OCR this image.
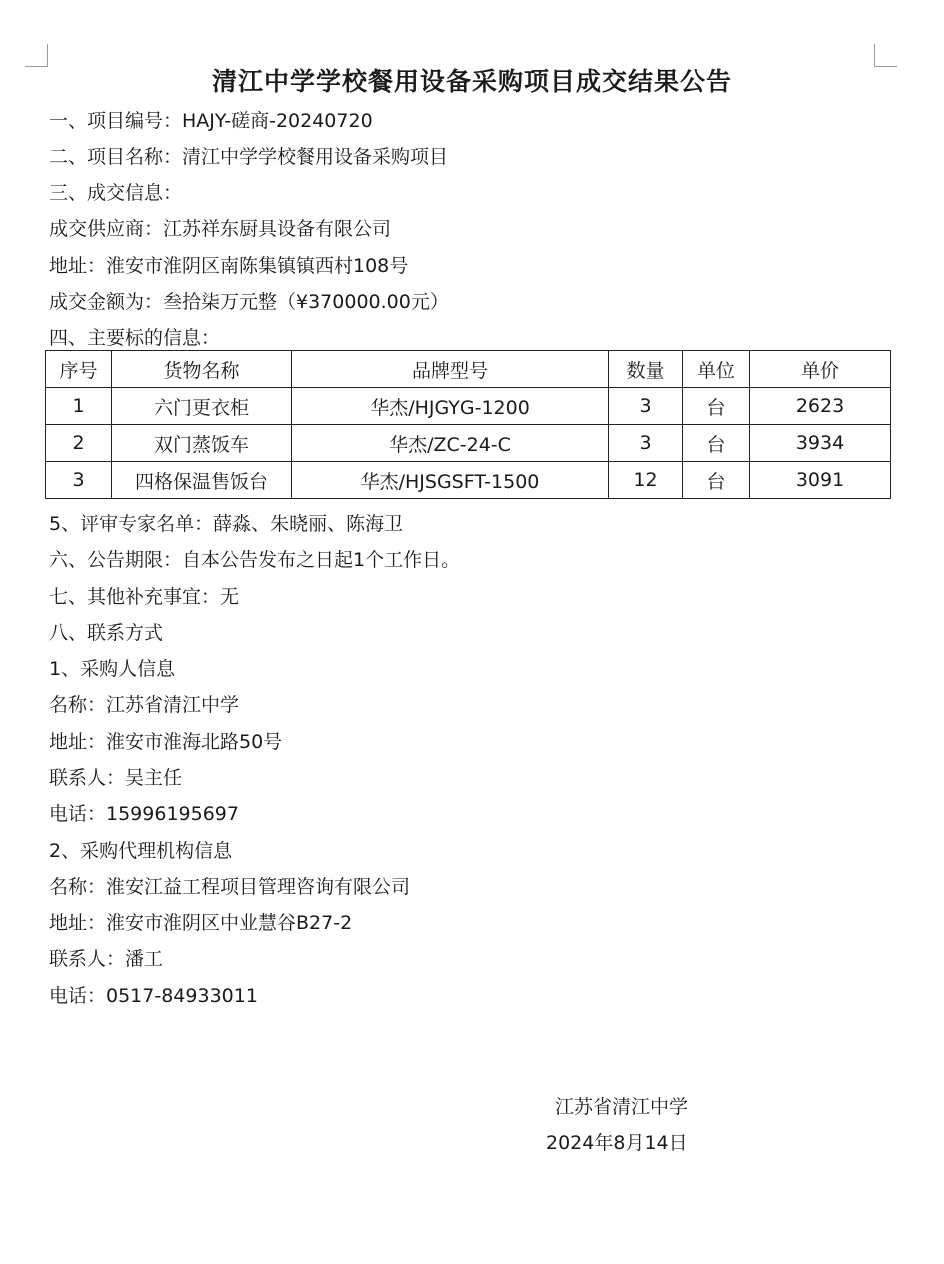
清江中学学校餐用设备采购项目成交结果公告
一、项目编号：HAJY-磋商-20240720
二、项目名称：清江中学学校餐用设备采购项目
三、成交信息：
成交供应商：江苏祥东厨具设备有限公司
地址：淮安市淮阴区南陈集镇镇西村108号
成交金额为：叁拾柒万元整（¥370000.00元）
四、主要标的信息：
序号	货物名称	品牌型号	数量	单位	单价
1	六门更衣柜	华杰/HJGYG-1200	3	台	2623
2	双门蒸饭车	华杰/ZC-24-C	3	台	3934
3	四格保温售饭台	华杰/HJSGSFT-1500	12	台	3091
5、评审专家名单：薛淼、朱晓丽、陈海卫
六、公告期限：自本公告发布之日起1个工作日。
七、其他补充事宜：无
八、联系方式
1、采购人信息
名称：江苏省清江中学
地址：淮安市淮海北路50号
联系人：吴主任
电话：15996195697
2、采购代理机构信息
名称：淮安江益工程项目管理咨询有限公司
地址：淮安市淮阴区中业慧谷B27-2
联系人：潘工
电话：0517-84933011
江苏省清江中学
2024年8月14日
